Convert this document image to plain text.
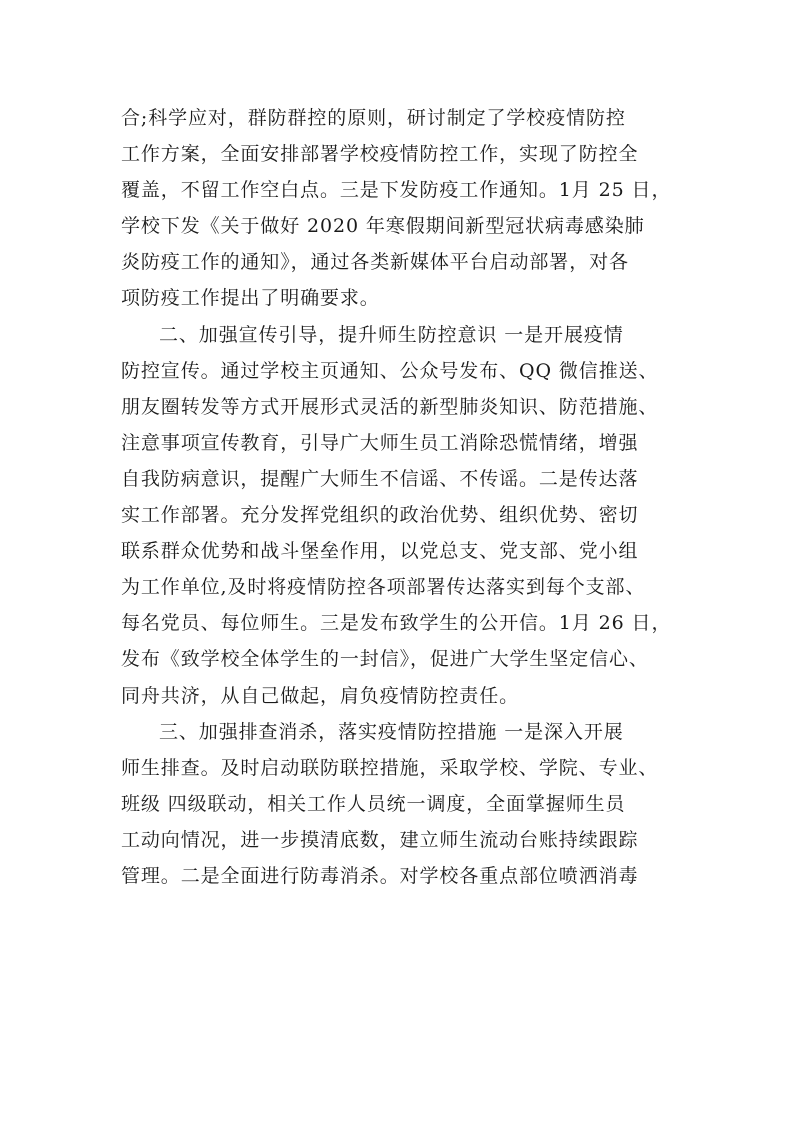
合;科学应对，群防群控的原则，研讨制定了学校疫情防控
工作方案，全面安排部署学校疫情防控工作，实现了防控全
覆盖，不留工作空白点。三是下发防疫工作通知。1月 25 日，
学校下发《关于做好 2020 年寒假期间新型冠状病毒感染肺
炎防疫工作的通知》，通过各类新媒体平台启动部署，对各
项防疫工作提出了明确要求。
二、加强宣传引导，提升师生防控意识 一是开展疫情
防控宣传。通过学校主页通知、公众号发布、QQ 微信推送、
朋友圈转发等方式开展形式灵活的新型肺炎知识、防范措施、
注意事项宣传教育，引导广大师生员工消除恐慌情绪，增强
自我防病意识，提醒广大师生不信谣、不传谣。二是传达落
实工作部署。充分发挥党组织的政治优势、组织优势、密切
联系群众优势和战斗堡垒作用，以党总支、党支部、党小组
为工作单位,及时将疫情防控各项部署传达落实到每个支部、
每名党员、每位师生。三是发布致学生的公开信。1月 26 日，
发布《致学校全体学生的一封信》，促进广大学生坚定信心、
同舟共济，从自己做起，肩负疫情防控责任。
三、加强排查消杀，落实疫情防控措施 一是深入开展
师生排查。及时启动联防联控措施，采取学校、学院、专业、
班级 四级联动，相关工作人员统一调度，全面掌握师生员
工动向情况，进一步摸清底数，建立师生流动台账持续跟踪
管理。二是全面进行防毒消杀。对学校各重点部位喷洒消毒
